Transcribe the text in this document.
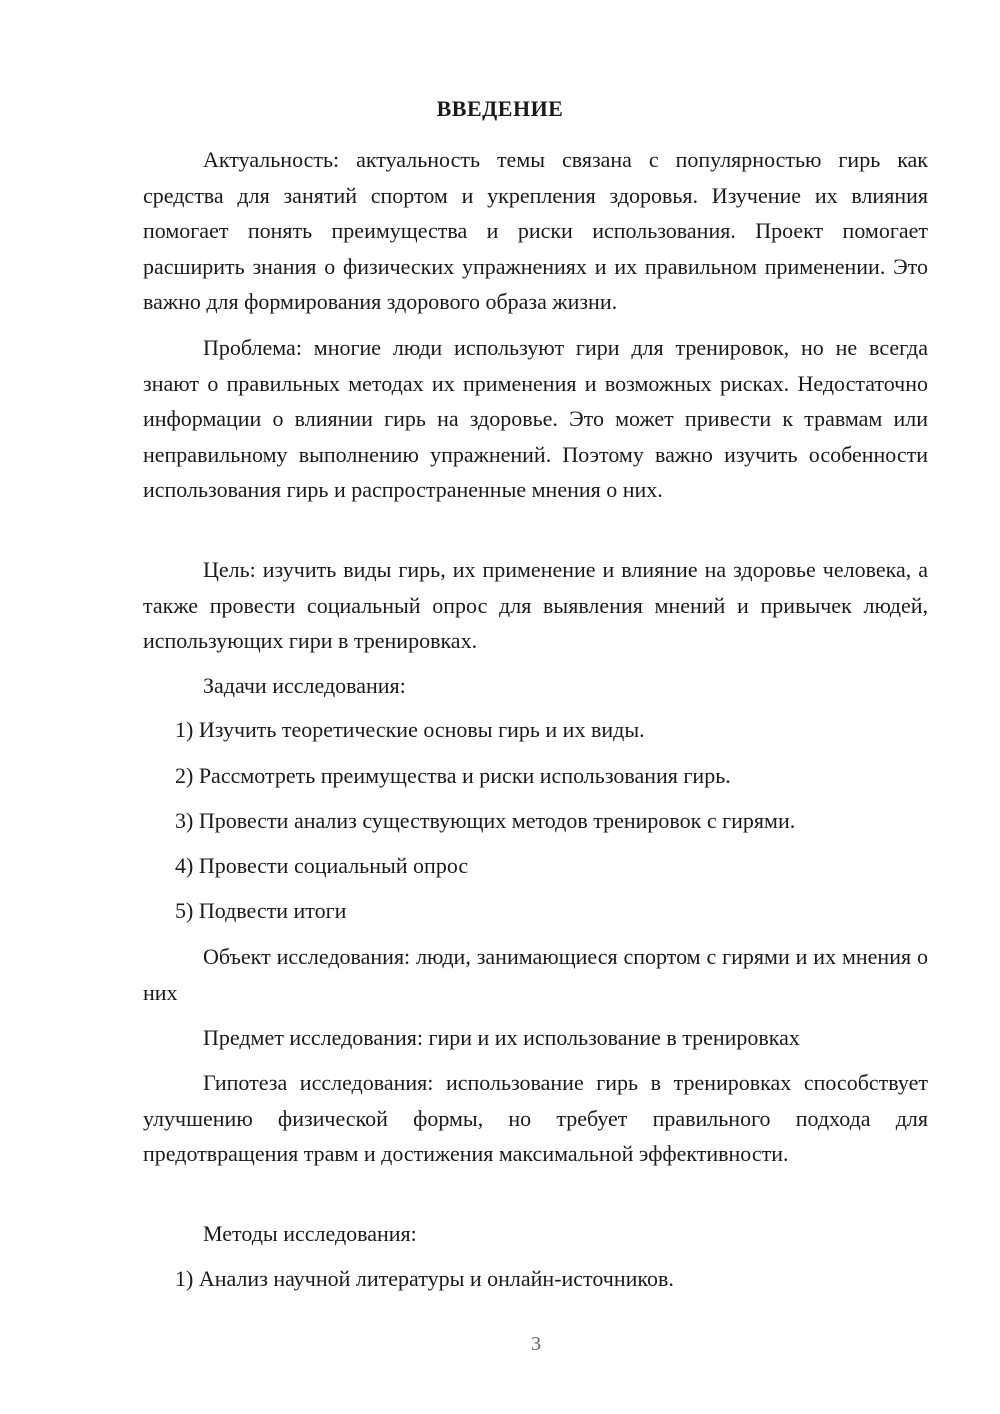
ВВЕДЕНИЕ

Актуальность: актуальность темы связана с популярностью гирь как средства для занятий спортом и укрепления здоровья. Изучение их влияния помогает понять преимущества и риски использования. Проект помогает расширить знания о физических упражнениях и их правильном применении. Это важно для формирования здорового образа жизни.

Проблема: многие люди используют гири для тренировок, но не всегда знают о правильных методах их применения и возможных рисках. Недостаточно информации о влиянии гирь на здоровье. Это может привести к травмам или неправильному выполнению упражнений. Поэтому важно изучить особенности использования гирь и распространенные мнения о них.

Цель: изучить виды гирь, их применение и влияние на здоровье человека, а также провести социальный опрос для выявления мнений и привычек людей, использующих гири в тренировках.

Задачи исследования:
1) Изучить теоретические основы гирь и их виды.
2) Рассмотреть преимущества и риски использования гирь.
3) Провести анализ существующих методов тренировок с гирями.
4) Провести социальный опрос
5) Подвести итоги

Объект исследования: люди, занимающиеся спортом с гирями и их мнения о них

Предмет исследования: гири и их использование в тренировках

Гипотеза исследования: использование гирь в тренировках способствует улучшению физической формы, но требует правильного подхода для предотвращения травм и достижения максимальной эффективности.

Методы исследования:
1) Анализ научной литературы и онлайн-источников.
3
